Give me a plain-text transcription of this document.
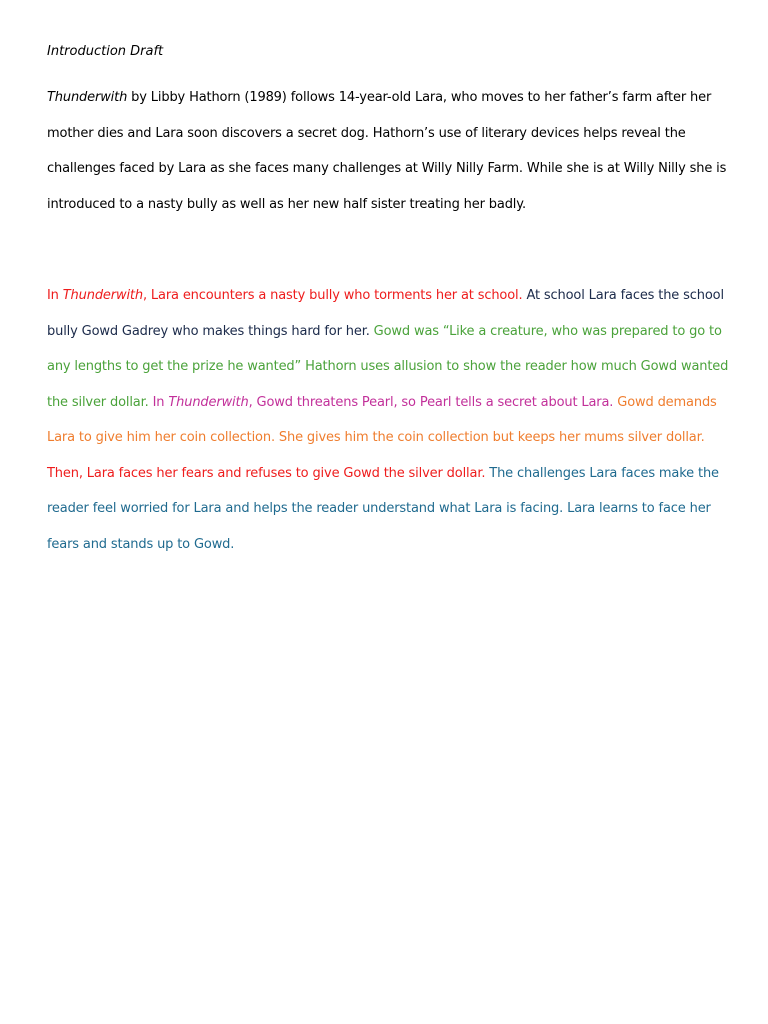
Introduction Draft
Thunderwith by Libby Hathorn (1989) follows 14-year-old Lara, who moves to her father’s farm after her
mother dies and Lara soon discovers a secret dog. Hathorn’s use of literary devices helps reveal the
challenges faced by Lara as she faces many challenges at Willy Nilly Farm. While she is at Willy Nilly she is
introduced to a nasty bully as well as her new half sister treating her badly.
In Thunderwith, Lara encounters a nasty bully who torments her at school. At school Lara faces the school
bully Gowd Gadrey who makes things hard for her. Gowd was “Like a creature, who was prepared to go to
any lengths to get the prize he wanted” Hathorn uses allusion to show the reader how much Gowd wanted
the silver dollar. In Thunderwith, Gowd threatens Pearl, so Pearl tells a secret about Lara. Gowd demands
Lara to give him her coin collection. She gives him the coin collection but keeps her mums silver dollar.
Then, Lara faces her fears and refuses to give Gowd the silver dollar. The challenges Lara faces make the
reader feel worried for Lara and helps the reader understand what Lara is facing. Lara learns to face her
fears and stands up to Gowd.
